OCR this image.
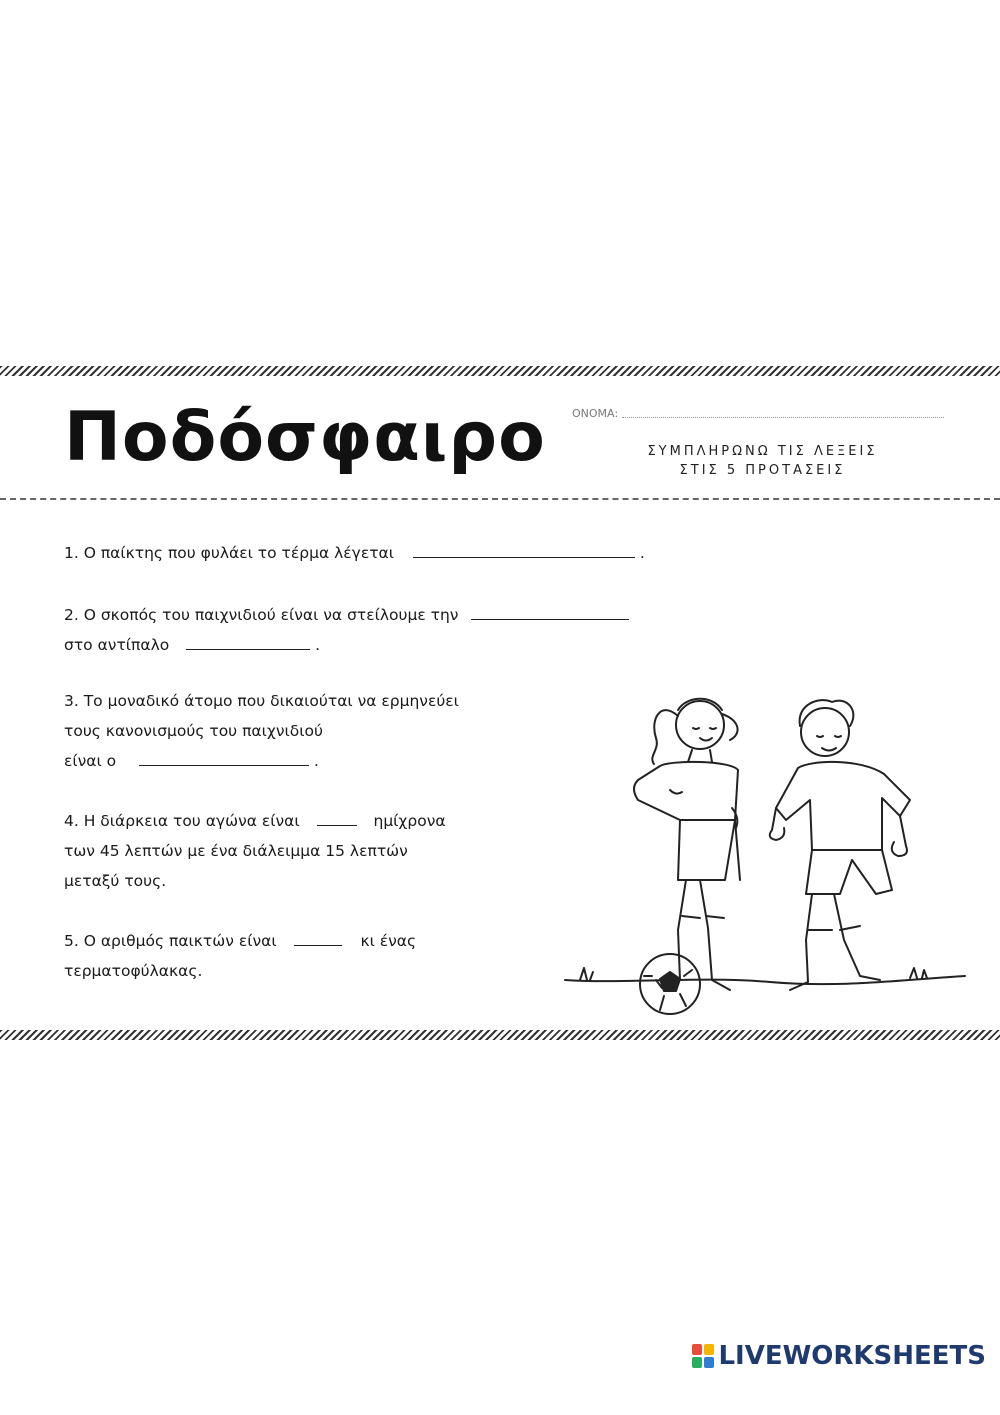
Ποδόσφαιρο ΟΝΟΜΑ:
ΣΥΜΠΛΗΡΩΝΩ ΤΙΣ ΛΕΞΕΙΣ
ΣΤΙΣ 5 ΠΡΟΤΑΣΕΙΣ
1. Ο παίκτης που φυλάει το τέρμα λέγεται	.
2. Ο σκοπός του παιχνιδιού είναι να στείλουμε την
στο αντίπαλο	.
3. Το μοναδικό άτομο που δικαιούται να ερμηνεύει
τους κανονισμούς του παιχνιδιού
είναι ο	.
4. Η διάρκεια του αγώνα είναι	ημίχρονα
των 45 λεπτών με ένα διάλειμμα 15 λεπτών
μεταξύ τους.
5. Ο αριθμός παικτών είναι	κι ένας
τερματοφύλακας.
LIVEWORKSHEETS
